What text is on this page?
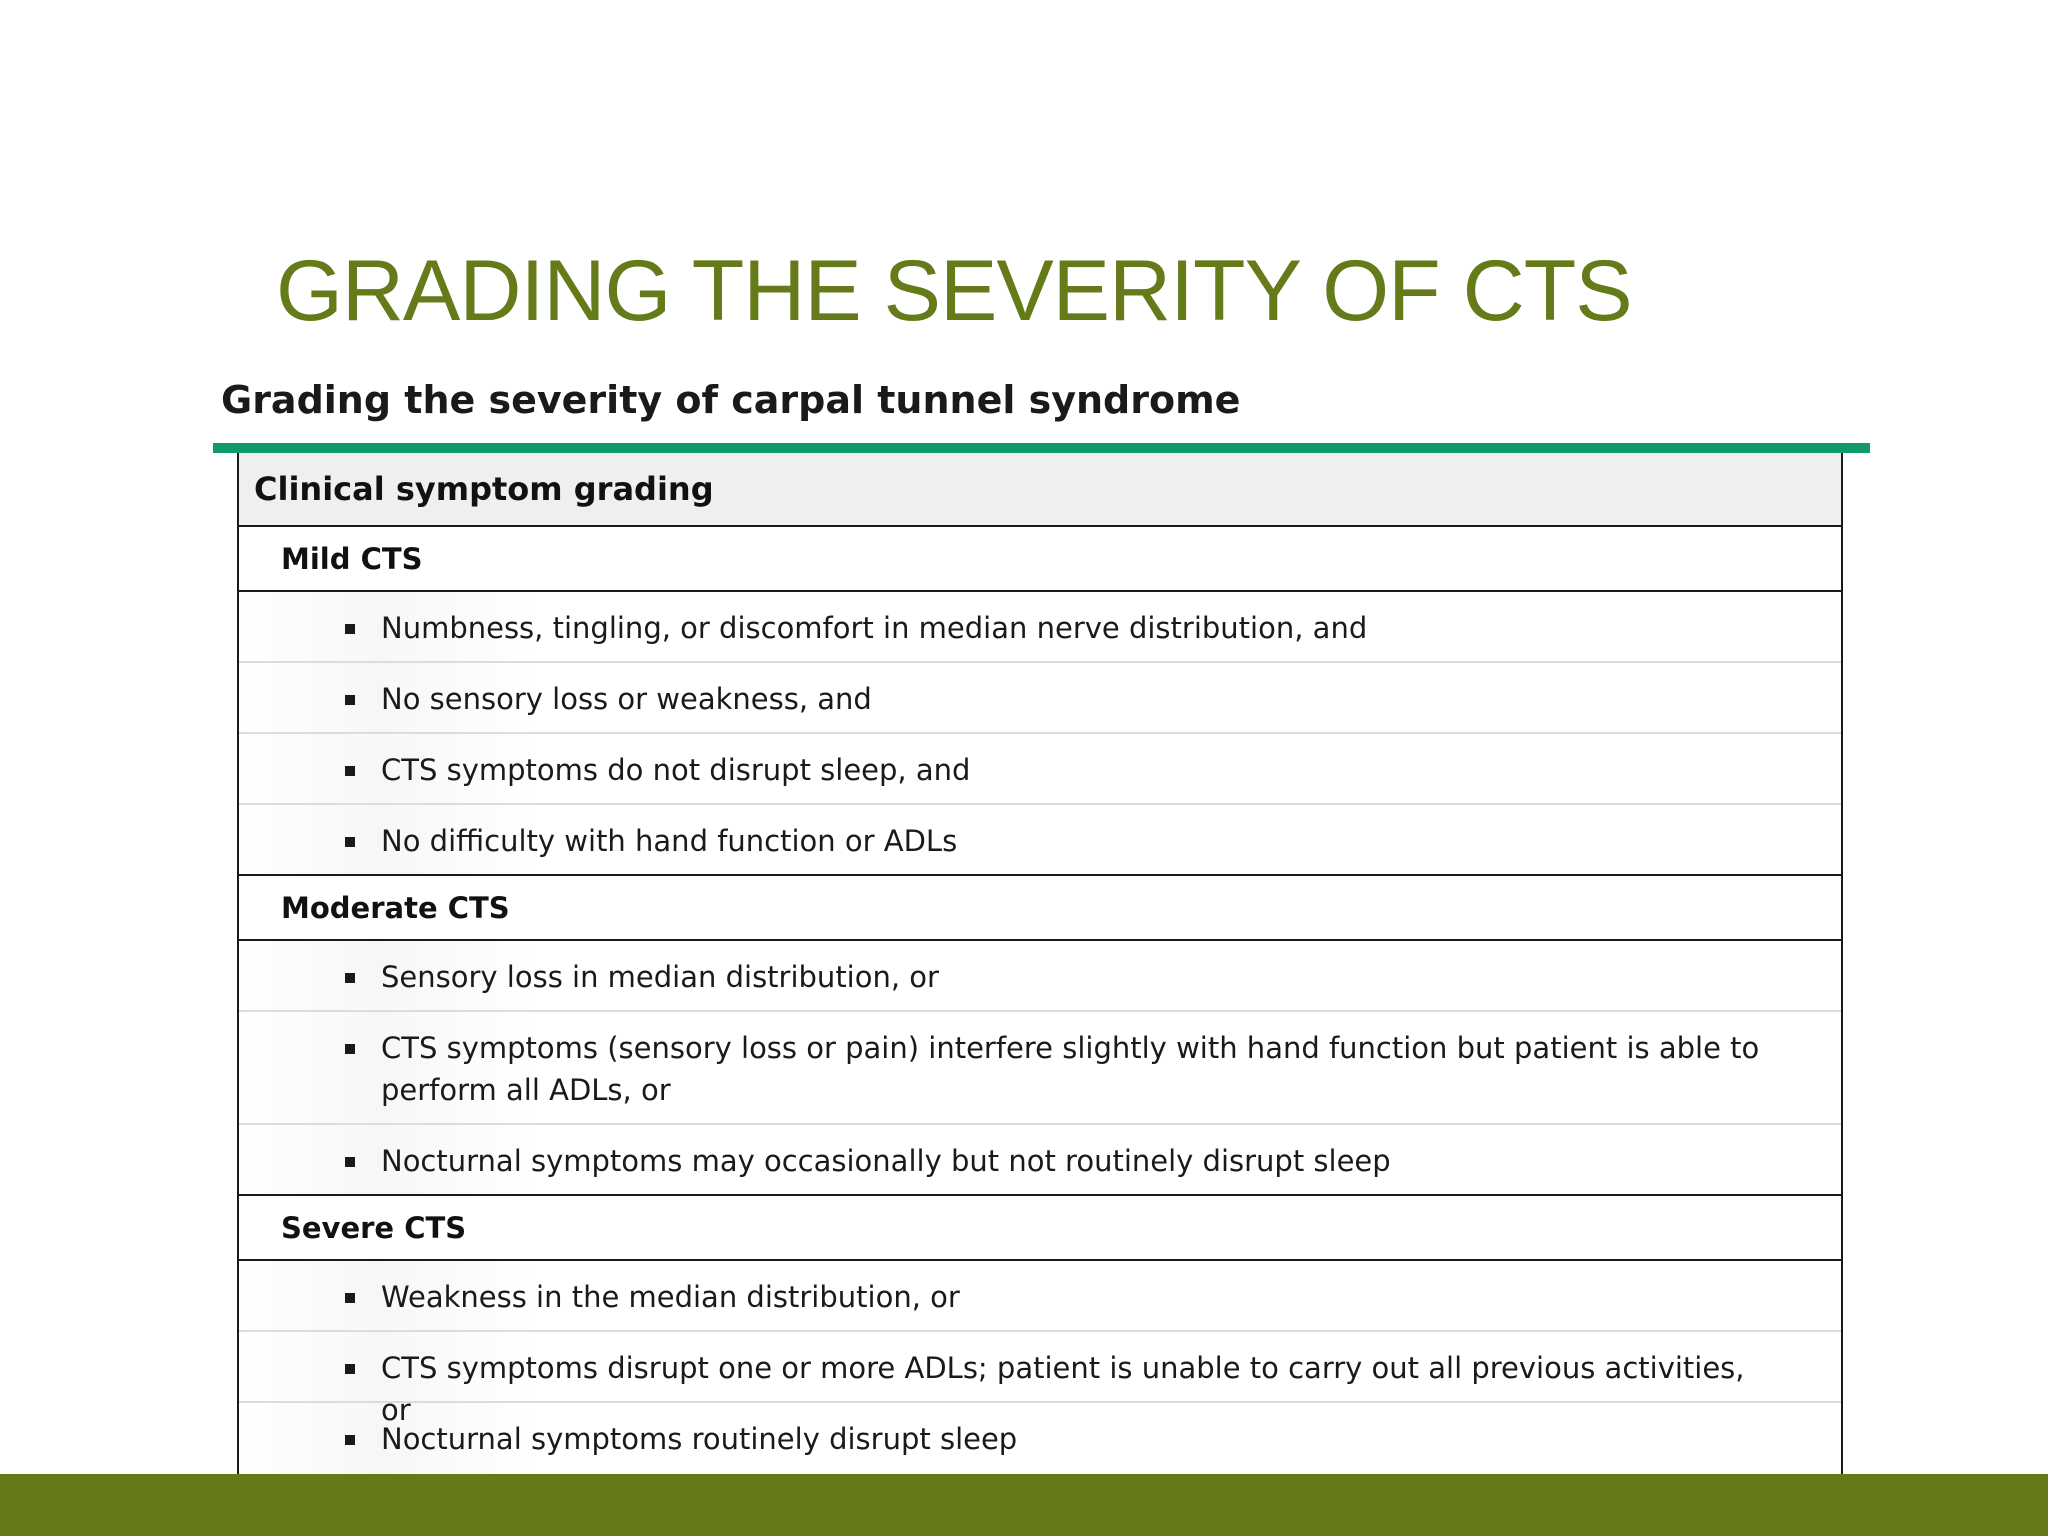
GRADING THE SEVERITY OF CTS
Grading the severity of carpal tunnel syndrome
Clinical symptom grading
Mild CTS
Numbness, tingling, or discomfort in median nerve distribution, and
No sensory loss or weakness, and
CTS symptoms do not disrupt sleep, and
No difficulty with hand function or ADLs
Moderate CTS
Sensory loss in median distribution, or
CTS symptoms (sensory loss or pain) interfere slightly with hand function but patient is able to perform all ADLs, or
Nocturnal symptoms may occasionally but not routinely disrupt sleep
Severe CTS
Weakness in the median distribution, or
CTS symptoms disrupt one or more ADLs; patient is unable to carry out all previous activities, or
Nocturnal symptoms routinely disrupt sleep
